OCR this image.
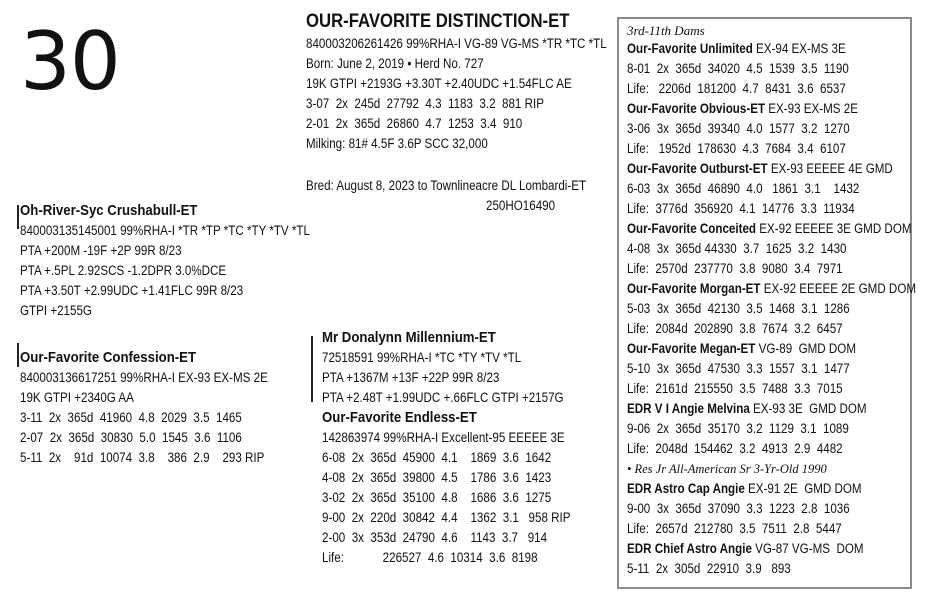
30	OUR-FAVORITE DISTINCTION-ET
840003206261426 99%RHA-I VG-89 VG-MS *TR *TC *TL
Born: June 2, 2019 • Herd No. 727
19K GTPI +2193G +3.30T +2.40UDC +1.54FLC AE
3-07  2x  245d  27792  4.3  1183  3.2  881 RIP
2-01  2x  365d  26860  4.7  1253  3.4  910
Milking: 81# 4.5F 3.6P SCC 32,000
Bred: August 8, 2023 to Townlineacre DL Lombardi-ET
250HO16490
Oh-River-Syc Crushabull-ET
840003135145001 99%RHA-I *TR *TP *TC *TY *TV *TL
PTA +200M -19F +2P 99R 8/23
PTA +.5PL 2.92SCS -1.2DPR 3.0%DCE
PTA +3.50T +2.99UDC +1.41FLC 99R 8/23
GTPI +2155G
Our-Favorite Confession-ET
840003136617251 99%RHA-I EX-93 EX-MS 2E
19K GTPI +2340G AA
3-11  2x  365d  41960  4.8  2029  3.5  1465
2-07  2x  365d  30830  5.0  1545  3.6  1106
5-11  2x    91d  10074  3.8    386  2.9    293 RIP
Mr Donalynn Millennium-ET
72518591 99%RHA-I *TC *TY *TV *TL
PTA +1367M +13F +22P 99R 8/23
PTA +2.48T +1.99UDC +.66FLC GTPI +2157G
Our-Favorite Endless-ET
142863974 99%RHA-I Excellent-95 EEEEE 3E
6-08  2x  365d  45900  4.1    1869  3.6  1642
4-08  2x  365d  39800  4.5    1786  3.6  1423
3-02  2x  365d  35100  4.8    1686  3.6  1275
9-00  2x  220d  30842  4.4    1362  3.1   958 RIP
2-00  3x  353d  24790  4.6    1143  3.7   914
Life:            226527  4.6  10314  3.6  8198
3rd-11th Dams
Our-Favorite Unlimited EX-94 EX-MS 3E
8-01  2x  365d  34020  4.5  1539  3.5  1190
Life:   2206d  181200  4.7  8431  3.6  6537
Our-Favorite Obvious-ET EX-93 EX-MS 2E
3-06  3x  365d  39340  4.0  1577  3.2  1270
Life:   1952d  178630  4.3  7684  3.4  6107
Our-Favorite Outburst-ET EX-93 EEEEE 4E GMD
6-03  3x  365d  46890  4.0   1861  3.1    1432
Life:  3776d  356920  4.1  14776  3.3  11934
Our-Favorite Conceited EX-92 EEEEE 3E GMD DOM
4-08  3x  365d 44330  3.7  1625  3.2  1430
Life:  2570d  237770  3.8  9080  3.4  7971
Our-Favorite Morgan-ET EX-92 EEEEE 2E GMD DOM
5-03  3x  365d  42130  3.5  1468  3.1  1286
Life:  2084d  202890  3.8  7674  3.2  6457
Our-Favorite Megan-ET VG-89  GMD DOM
5-10  3x  365d  47530  3.3  1557  3.1  1477
Life:  2161d  215550  3.5  7488  3.3  7015
EDR V I Angie Melvina EX-93 3E  GMD DOM
9-06  2x  365d  35170  3.2  1129  3.1  1089
Life:  2048d  154462  3.2  4913  2.9  4482
• Res Jr All-American Sr 3-Yr-Old 1990
EDR Astro Cap Angie EX-91 2E  GMD DOM
9-00  3x  365d  37090  3.3  1223  2.8  1036
Life:  2657d  212780  3.5  7511  2.8  5447
EDR Chief Astro Angie VG-87 VG-MS  DOM
5-11  2x  305d  22910  3.9   893
